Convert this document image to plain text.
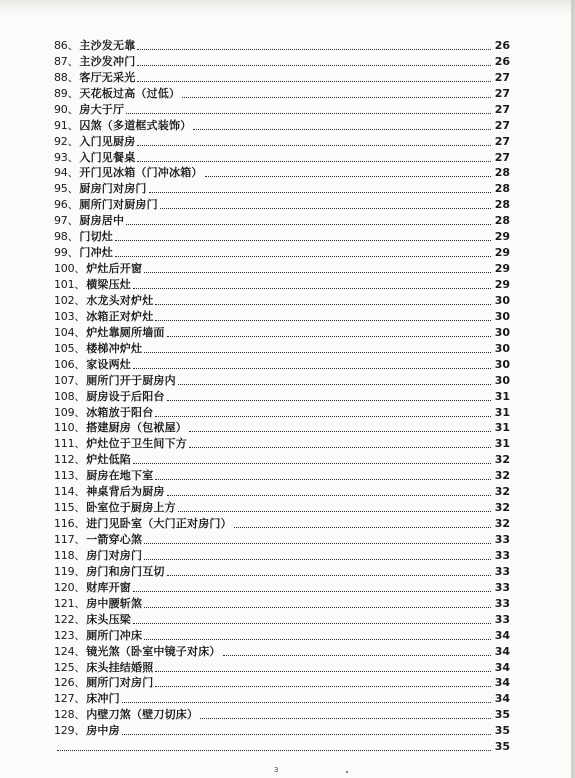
86、 主沙发无靠	26
87、 主沙发冲门	26
88、 客厅无采光	27
89、 天花板过高（过低）	27
90、 房大于厅	27
91、 囚煞（多道框式装饰）	27
92、 入门见厨房	27
93、 入门见餐桌	27
94、 开门见冰箱（门冲冰箱）	28
95、 厨房门对房门	28
96、 厕所门对厨房门	28
97、 厨房居中	28
98、 门切灶	29
99、 门冲灶	29
100、 炉灶后开窗	29
101、 横梁压灶	29
102、 水龙头对炉灶	30
103、 冰箱正对炉灶	30
104、 炉灶靠厕所墙面	30
105、 楼梯冲炉灶	30
106、 家设两灶	30
107、 厕所门开于厨房内	30
108、 厨房设于后阳台	31
109、 冰箱放于阳台	31
110、 搭建厨房（包袱屋）	31
111、 炉灶位于卫生间下方	31
112、 炉灶低陷	32
113、 厨房在地下室	32
114、 神桌背后为厨房	32
115、 卧室位于厨房上方	32
116、 进门见卧室（大门正对房门）	32
117、 一箭穿心煞	33
118、 房门对房门	33
119、 房门和房门互切	33
120、 财库开窗	33
121、 房中腰斩煞	33
122、 床头压梁	33
123、 厕所门冲床	34
124、 镜光煞（卧室中镜子对床）	34
125、 床头挂结婚照	34
126、 厕所门对房门	34
127、 床冲门	34
128、 内壁刀煞（壁刀切床）	35
129、 房中房	35
35
3
